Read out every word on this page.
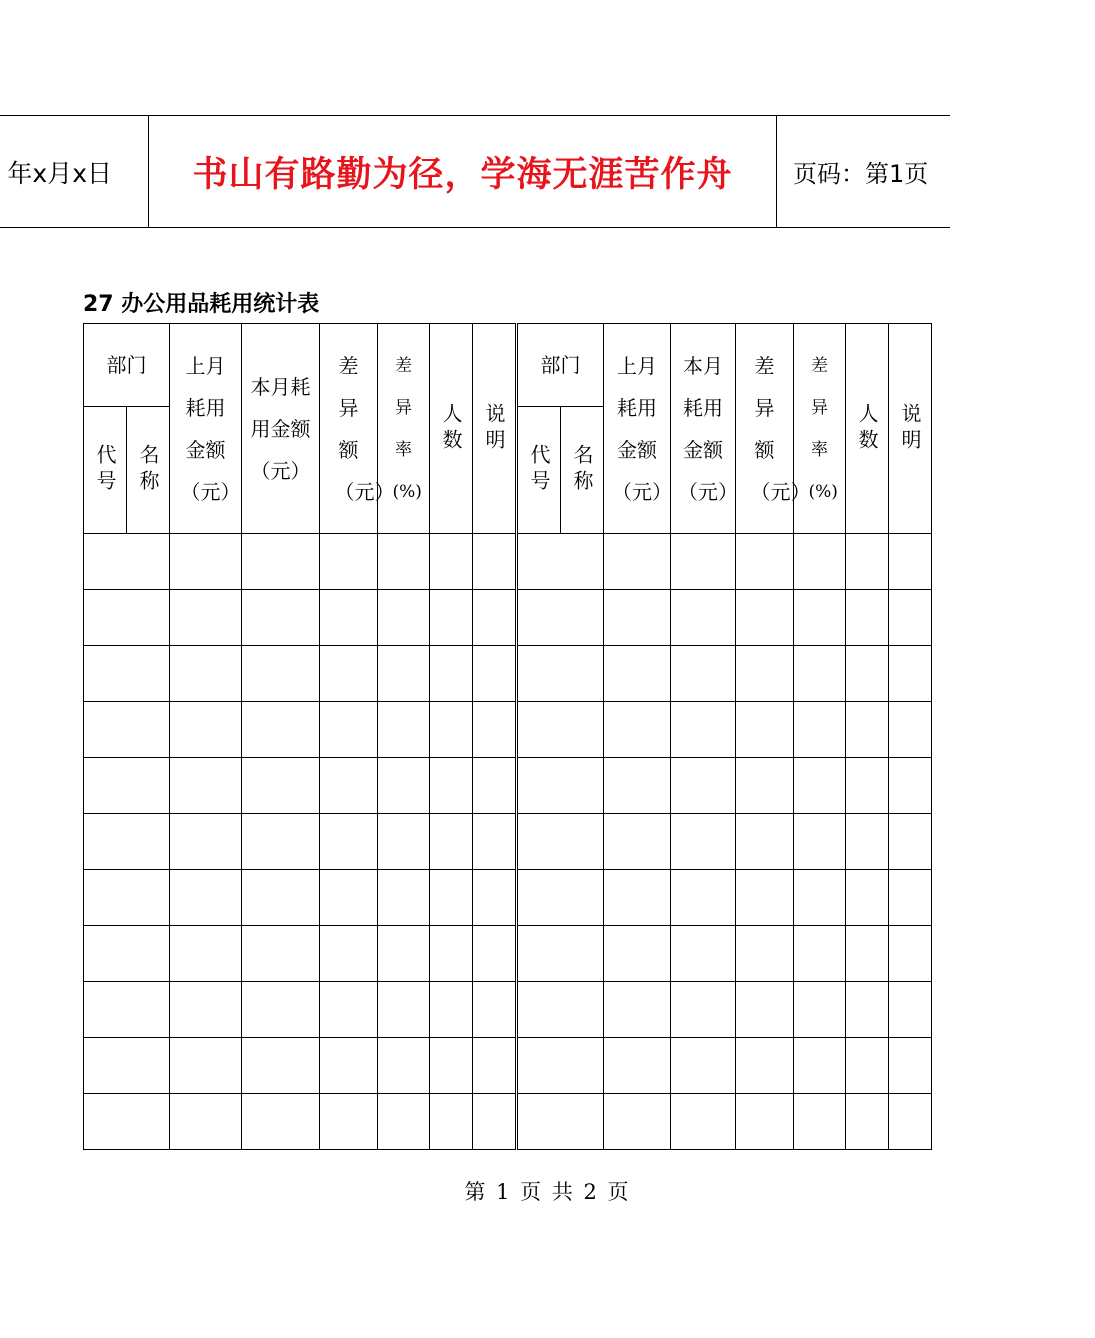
年x月x日 书山有路勤为径，学海无涯苦作舟	页码：第1页
27 办公用品耗用统计表
部门		上月耗用金额（元）	本月耗用金额（元）	差异额（元）	差异率(%)	人数	说明	部门		上月耗用金额（元）	本月耗用金额（元）	差异额（元）	差异率(%)	人数	说明
代号	名称							代号	名称						

第 1 页 共 2 页
